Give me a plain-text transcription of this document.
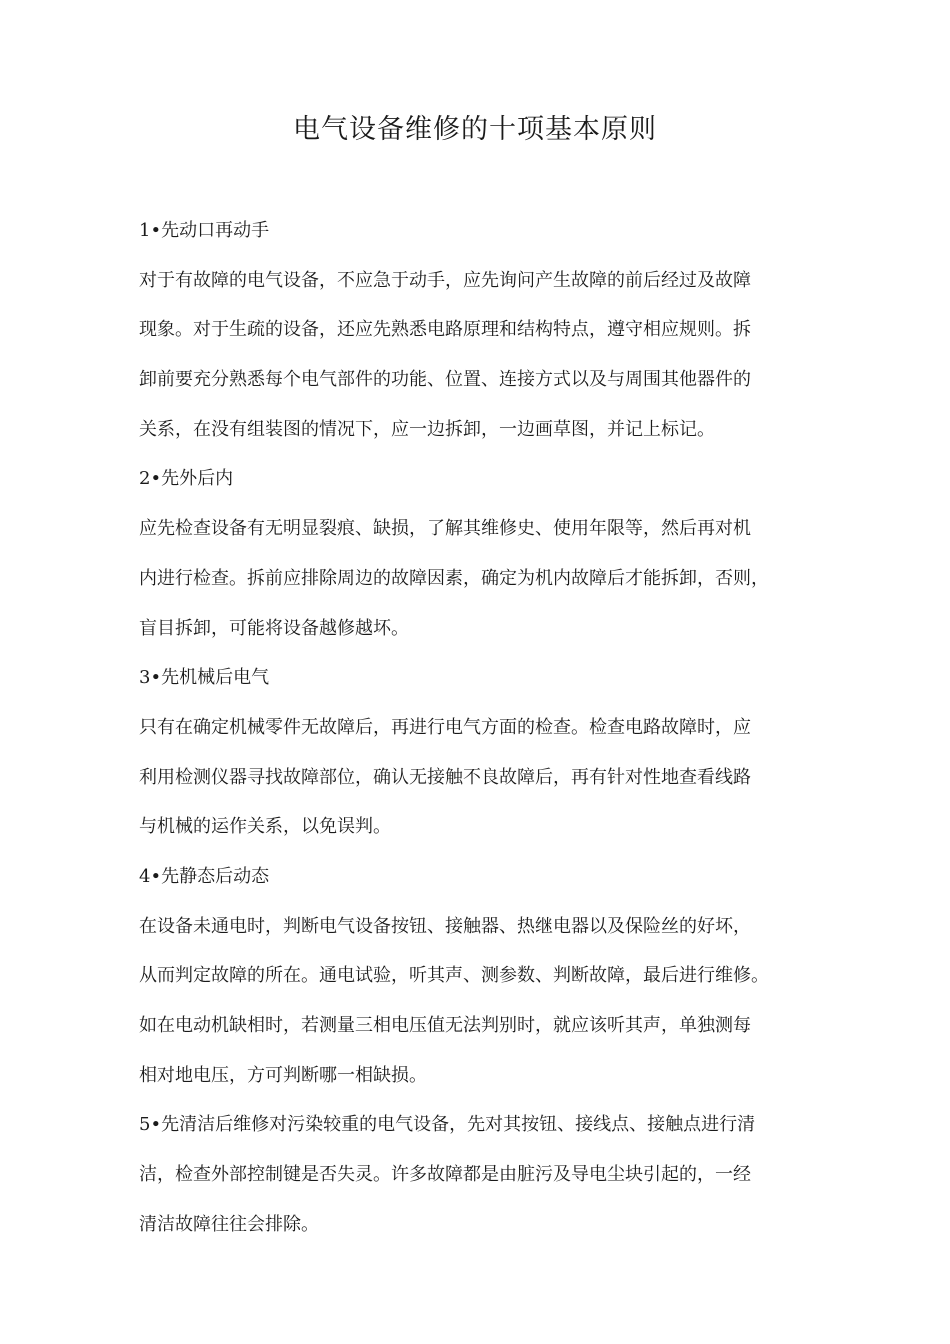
电气设备维修的十项基本原则
1•先动口再动手
对于有故障的电气设备，不应急于动手，应先询问产生故障的前后经过及故障
现象。对于生疏的设备，还应先熟悉电路原理和结构特点，遵守相应规则。拆
卸前要充分熟悉每个电气部件的功能、位置、连接方式以及与周围其他器件的
关系，在没有组装图的情况下，应一边拆卸，一边画草图，并记上标记。
2•先外后内
应先检查设备有无明显裂痕、缺损，了解其维修史、使用年限等，然后再对机
内进行检查。拆前应排除周边的故障因素，确定为机内故障后才能拆卸，否则，
盲目拆卸，可能将设备越修越坏。
3•先机械后电气
只有在确定机械零件无故障后，再进行电气方面的检查。检查电路故障时，应
利用检测仪器寻找故障部位，确认无接触不良故障后，再有针对性地查看线路
与机械的运作关系，以免误判。
4•先静态后动态
在设备未通电时，判断电气设备按钮、接触器、热继电器以及保险丝的好坏，
从而判定故障的所在。通电试验，听其声、测参数、判断故障，最后进行维修。
如在电动机缺相时，若测量三相电压值无法判别时，就应该听其声，单独测每
相对地电压，方可判断哪一相缺损。
5•先清洁后维修对污染较重的电气设备，先对其按钮、接线点、接触点进行清
洁，检查外部控制键是否失灵。许多故障都是由脏污及导电尘块引起的，一经
清洁故障往往会排除。
